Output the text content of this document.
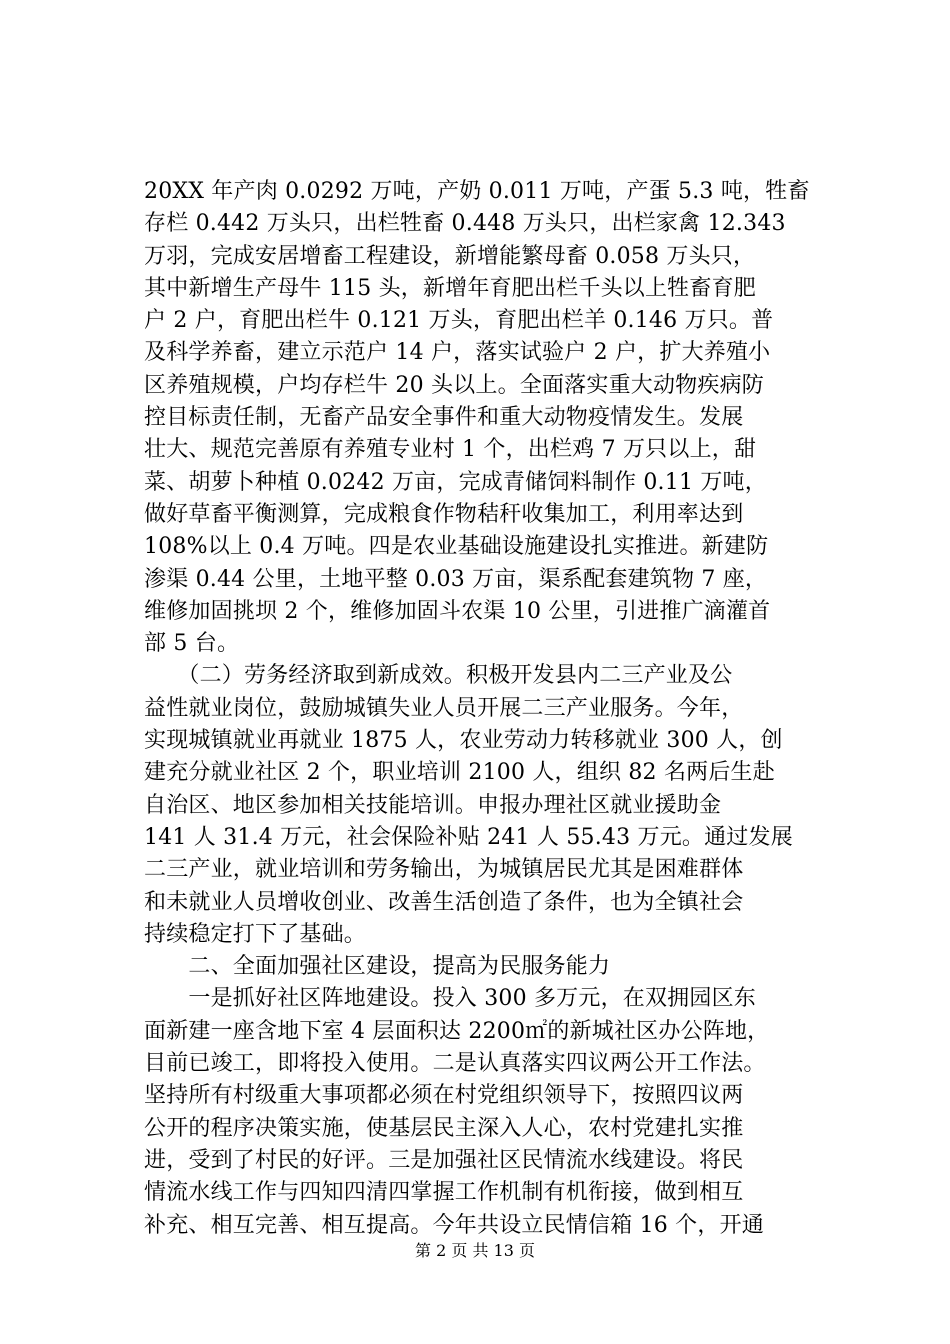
20XX 年产肉 0.0292 万吨，产奶 0.011 万吨，产蛋 5.3 吨，牲畜
存栏 0.442 万头只，出栏牲畜 0.448 万头只，出栏家禽 12.343
万羽，完成安居增畜工程建设，新增能繁母畜 0.058 万头只，
其中新增生产母牛 115 头，新增年育肥出栏千头以上牲畜育肥
户 2 户，育肥出栏牛 0.121 万头，育肥出栏羊 0.146 万只。普
及科学养畜，建立示范户 14 户，落实试验户 2 户，扩大养殖小
区养殖规模，户均存栏牛 20 头以上。全面落实重大动物疾病防
控目标责任制，无畜产品安全事件和重大动物疫情发生。发展
壮大、规范完善原有养殖专业村 1 个，出栏鸡 7 万只以上，甜
菜、胡萝卜种植 0.0242 万亩，完成青储饲料制作 0.11 万吨，
做好草畜平衡测算，完成粮食作物秸秆收集加工，利用率达到
108%以上 0.4 万吨。四是农业基础设施建设扎实推进。新建防
渗渠 0.44 公里，土地平整 0.03 万亩，渠系配套建筑物 7 座，
维修加固挑坝 2 个，维修加固斗农渠 10 公里，引进推广滴灌首
部 5 台。
　　（二）劳务经济取到新成效。积极开发县内二三产业及公
益性就业岗位，鼓励城镇失业人员开展二三产业服务。今年，
实现城镇就业再就业 1875 人，农业劳动力转移就业 300 人，创
建充分就业社区 2 个，职业培训 2100 人，组织 82 名两后生赴
自治区、地区参加相关技能培训。申报办理社区就业援助金
141 人 31.4 万元，社会保险补贴 241 人 55.43 万元。通过发展
二三产业，就业培训和劳务输出，为城镇居民尤其是困难群体
和未就业人员增收创业、改善生活创造了条件，也为全镇社会
持续稳定打下了基础。
　　二、全面加强社区建设，提高为民服务能力
　　一是抓好社区阵地建设。投入 300 多万元，在双拥园区东
面新建一座含地下室 4 层面积达 2200㎡的新城社区办公阵地，
目前已竣工，即将投入使用。二是认真落实四议两公开工作法。
坚持所有村级重大事项都必须在村党组织领导下，按照四议两
公开的程序决策实施，使基层民主深入人心，农村党建扎实推
进，受到了村民的好评。三是加强社区民情流水线建设。将民
情流水线工作与四知四清四掌握工作机制有机衔接，做到相互
补充、相互完善、相互提高。今年共设立民情信箱 16 个，开通
第 2 页 共 13 页
